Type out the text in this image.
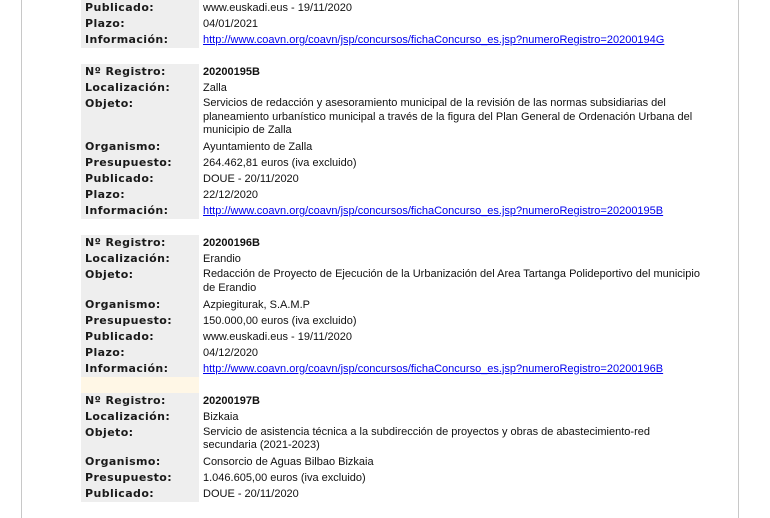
Publicado:	www.euskadi.eus - 19/11/2020
Plazo:	04/01/2021
Información:	http://www.coavn.org/coavn/jsp/concursos/fichaConcurso_es.jsp?numeroRegistro=20200194G
Nº Registro:	20200195B
Localización:	Zalla
Objeto:	Servicios de redacción y asesoramiento municipal de la revisión de las normas subsidiarias del planeamiento urbanístico municipal a través de la figura del Plan General de Ordenación Urbana del municipio de Zalla
Organismo:	Ayuntamiento de Zalla
Presupuesto:	264.462,81 euros (iva excluido)
Publicado:	DOUE - 20/11/2020
Plazo:	22/12/2020
Información:	http://www.coavn.org/coavn/jsp/concursos/fichaConcurso_es.jsp?numeroRegistro=20200195B
Nº Registro:	20200196B
Localización:	Erandio
Objeto:	Redacción de Proyecto de Ejecución de la Urbanización del Area Tartanga Polideportivo del municipio de Erandio
Organismo:	Azpiegiturak, S.A.M.P
Presupuesto:	150.000,00 euros (iva excluido)
Publicado:	www.euskadi.eus - 19/11/2020
Plazo:	04/12/2020
Información:	http://www.coavn.org/coavn/jsp/concursos/fichaConcurso_es.jsp?numeroRegistro=20200196B
Nº Registro:	20200197B
Localización:	Bizkaia
Objeto:	Servicio de asistencia técnica a la subdirección de proyectos y obras de abastecimiento-red secundaria (2021-2023)
Organismo:	Consorcio de Aguas Bilbao Bizkaia
Presupuesto:	1.046.605,00 euros (iva excluido)
Publicado:	DOUE - 20/11/2020
